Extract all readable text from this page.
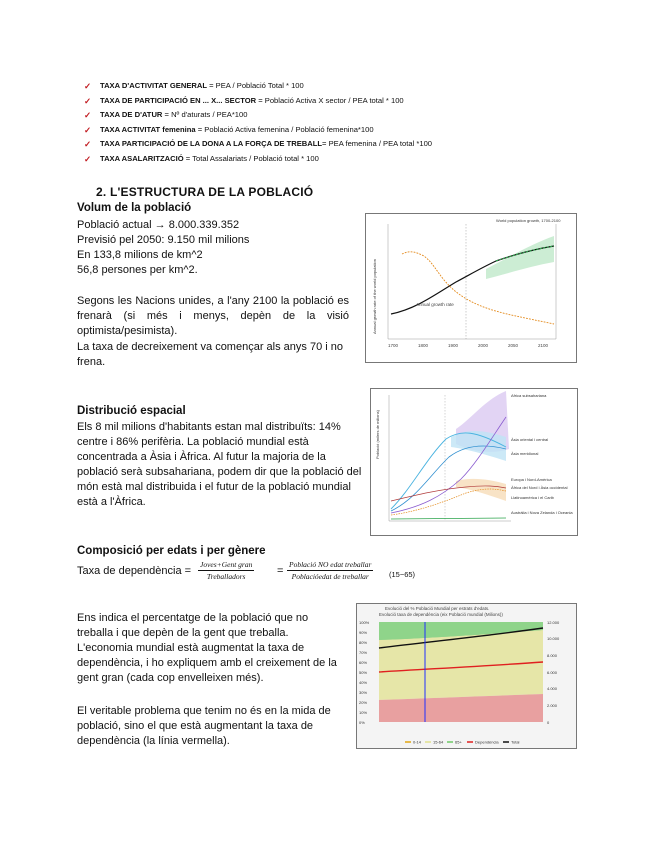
✓ TAXA D'ACTIVITAT GENERAL = PEA / Població Total * 100
✓ TAXA DE PARTICIPACIÓ EN ... X... SECTOR = Població Activa X sector / PEA total * 100
✓ TAXA DE D'ATUR = Nº d'aturats / PEA*100
✓ TAXA ACTIVITAT femenina = Població Activa femenina / Població femenina*100
✓ TAXA PARTICIPACIÓ DE LA DONA A LA FORÇA DE TREBALL= PEA femenina / PEA total *100
✓ TAXA ASALARITZACIÓ = Total Assalariats / Població total * 100
2. L'ESTRUCTURA DE LA POBLACIÓ
Volum de la població
Població actual → 8.000.339.352
Previsió pel 2050: 9.150 mil milions
En 133,8 milions de km^2
56,8 persones per km^2.
Segons les Nacions unides, a l'any 2100 la població es frenarà (si més i menys, depèn de la visió optimista/pesimista).
La taxa de decreixement va començar als anys 70 i no frena.
World population growth, 1700-2100
Annual growth rate of the world population	Annual growth rate
1700	1800	1900	2000	2050	2100
Distribució espacial
Els 8 mil milions d'habitants estan mal distribuïts: 14% centre i 86% perifèria. La població mundial està concentrada a Àsia i Àfrica. Al futur la majoria de la població serà subsahariana, podem dir que la població del món està mal distribuida i el futur de la població mundial està a l'Àfrica.
Població (milers de milions)
Africa subsahariana
Àsia oriental i central
Àsia meridional
Europa i Nord-Amèrica
Àfrica del Nord i Àsia occidental
Llatinoamèrica i el Carib
Austràlia i Nova Zelanda i Oceania
Composició per edats i per gènere
Taxa de dependència =
Joves+Gent gran
Treballadors	=
Població NO edat treballar
Poblacióedat de treballar	(15−65)
Ens indica el percentatge de la població que no treballa i que depèn de la gent que treballa. L'economia mundial està augmentat la taxa de dependència, i ho expliquem amb el creixement de la gent gran (cada cop envelleixen més).
El veritable problema que tenim no és en la mida de població, sino el que està augmentant la taxa de dependència (la línia vermella).
Evolució del % Població Mundial per estrats d'edats.
Evolució taxa de dependència (eix Població mundial (Milions))
100%
90%
80%
70%
60%
50%
40%
30%
20%
10%
0%
12.000
10.000
8.000
6.000
4.000
2.000
0
0-14	15-64	65+	Dependència	Total
